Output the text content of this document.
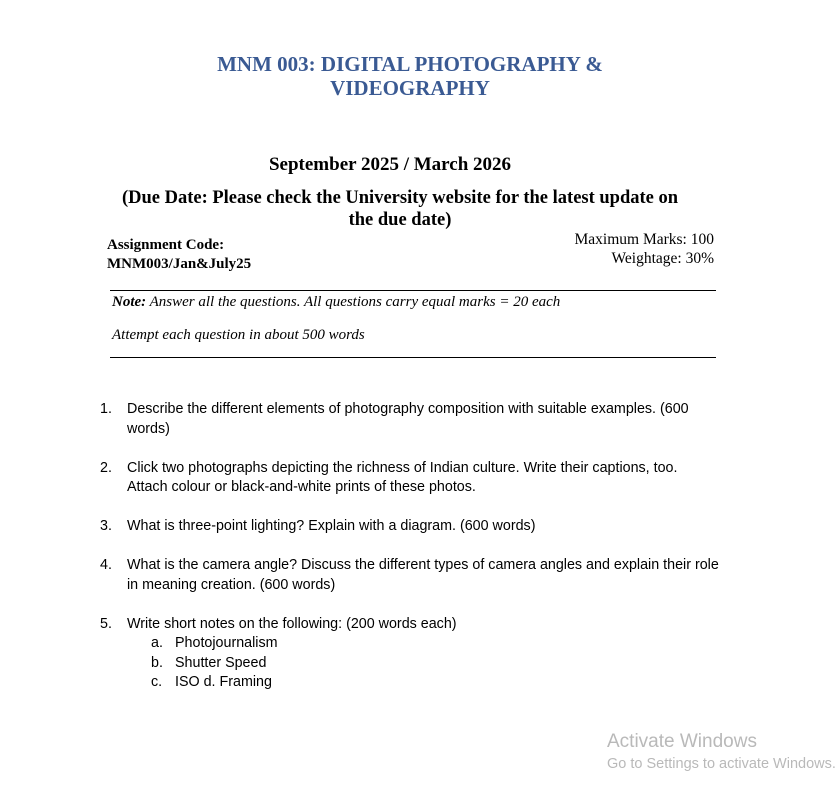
MNM 003: DIGITAL PHOTOGRAPHY &
VIDEOGRAPHY
September 2025 / March 2026
(Due Date: Please check the University website for the latest update on
the due date)
Assignment Code:
MNM003/Jan&July25
Maximum Marks: 100
Weightage: 30%
Note: Answer all the questions. All questions carry equal marks = 20 each
Attempt each question in about 500 words
1. Describe the different elements of photography composition with suitable examples. (600 words)
2. Click two photographs depicting the richness of Indian culture. Write their captions, too. Attach colour or black-and-white prints of these photos.
3. What is three-point lighting? Explain with a diagram. (600 words)
4. What is the camera angle? Discuss the different types of camera angles and explain their role in meaning creation. (600 words)
5. Write short notes on the following: (200 words each)
a. Photojournalism
b. Shutter Speed
c. ISO d. Framing
Activate Windows
Go to Settings to activate Windows.
